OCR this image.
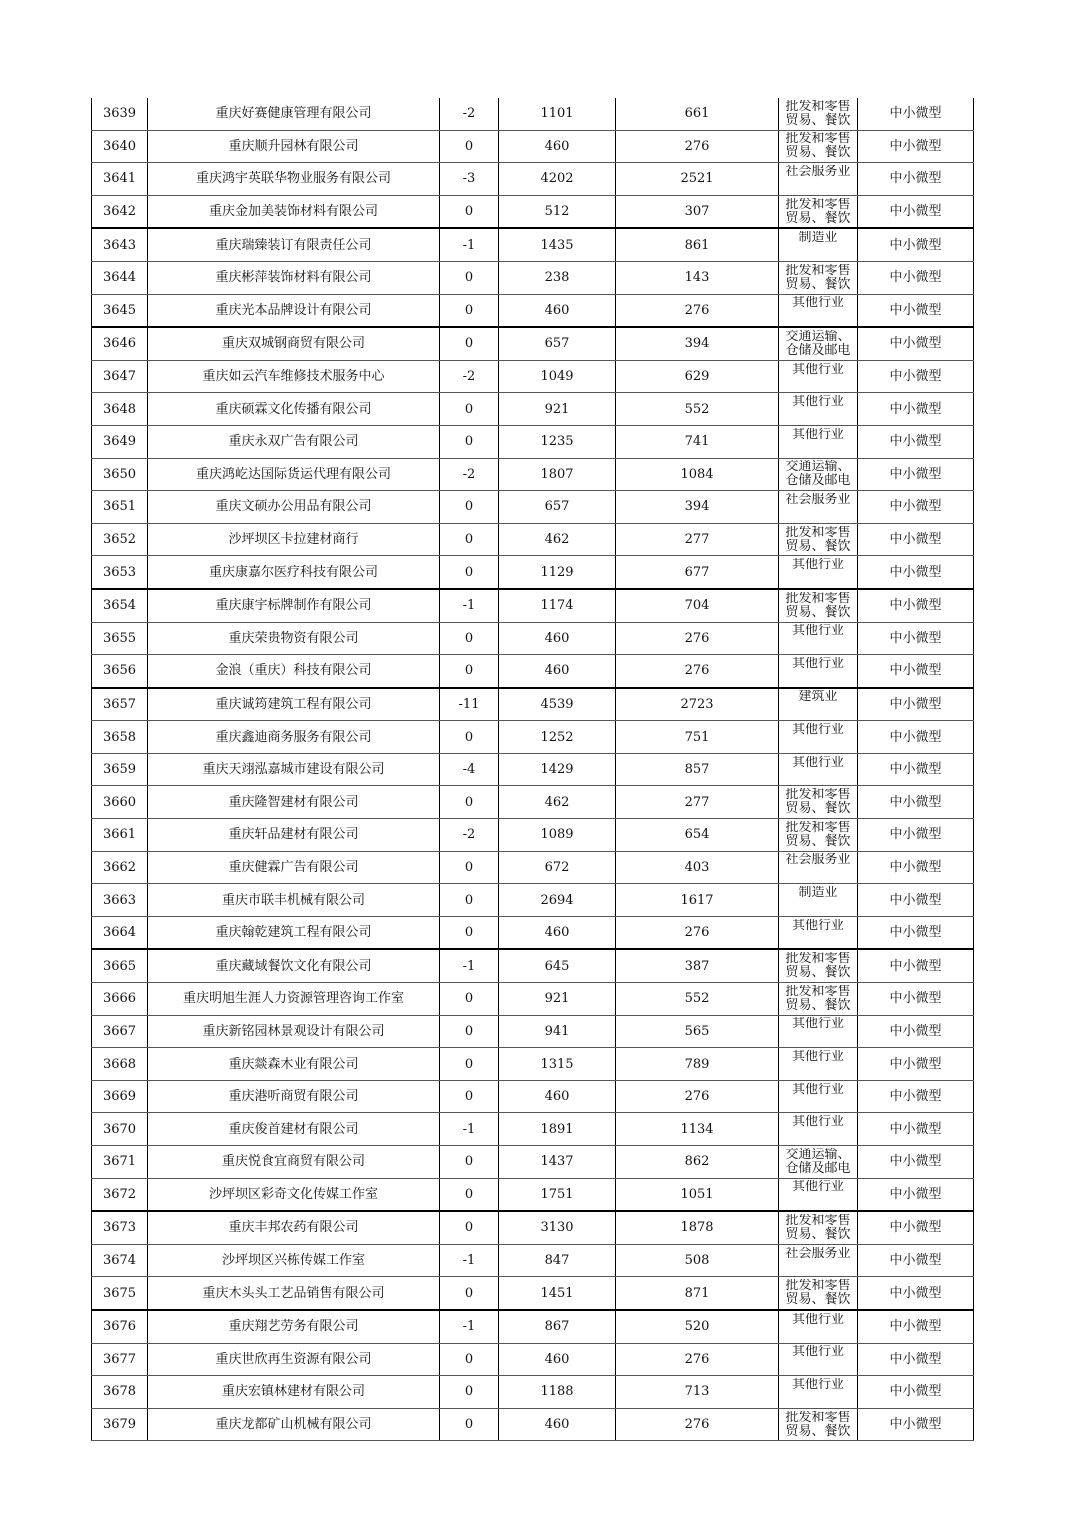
3639	重庆好赛健康管理有限公司	-2	1101	661	批发和零售贸易、餐饮	中小微型
3640	重庆顺升园林有限公司	0	460	276	批发和零售贸易、餐饮	中小微型
3641	重庆鸿宇英联华物业服务有限公司	-3	4202	2521	社会服务业	中小微型
3642	重庆金加美装饰材料有限公司	0	512	307	批发和零售贸易、餐饮	中小微型
3643	重庆瑞臻装订有限责任公司	-1	1435	861	制造业	中小微型
3644	重庆彬萍装饰材料有限公司	0	238	143	批发和零售贸易、餐饮	中小微型
3645	重庆光本品牌设计有限公司	0	460	276	其他行业	中小微型
3646	重庆双城钢商贸有限公司	0	657	394	交通运输、仓储及邮电	中小微型
3647	重庆如云汽车维修技术服务中心	-2	1049	629	其他行业	中小微型
3648	重庆硕霖文化传播有限公司	0	921	552	其他行业	中小微型
3649	重庆永双广告有限公司	0	1235	741	其他行业	中小微型
3650	重庆鸿屹达国际货运代理有限公司	-2	1807	1084	交通运输、仓储及邮电	中小微型
3651	重庆文硕办公用品有限公司	0	657	394	社会服务业	中小微型
3652	沙坪坝区卡拉建材商行	0	462	277	批发和零售贸易、餐饮	中小微型
3653	重庆康嘉尔医疗科技有限公司	0	1129	677	其他行业	中小微型
3654	重庆康宇标牌制作有限公司	-1	1174	704	批发和零售贸易、餐饮	中小微型
3655	重庆荣贵物资有限公司	0	460	276	其他行业	中小微型
3656	金浪（重庆）科技有限公司	0	460	276	其他行业	中小微型
3657	重庆诚筠建筑工程有限公司	-11	4539	2723	建筑业	中小微型
3658	重庆鑫迪商务服务有限公司	0	1252	751	其他行业	中小微型
3659	重庆天翊泓嘉城市建设有限公司	-4	1429	857	其他行业	中小微型
3660	重庆隆智建材有限公司	0	462	277	批发和零售贸易、餐饮	中小微型
3661	重庆轩品建材有限公司	-2	1089	654	批发和零售贸易、餐饮	中小微型
3662	重庆健霖广告有限公司	0	672	403	社会服务业	中小微型
3663	重庆市联丰机械有限公司	0	2694	1617	制造业	中小微型
3664	重庆翰乾建筑工程有限公司	0	460	276	其他行业	中小微型
3665	重庆藏域餐饮文化有限公司	-1	645	387	批发和零售贸易、餐饮	中小微型
3666	重庆明旭生涯人力资源管理咨询工作室	0	921	552	批发和零售贸易、餐饮	中小微型
3667	重庆新铭园林景观设计有限公司	0	941	565	其他行业	中小微型
3668	重庆燚森木业有限公司	0	1315	789	其他行业	中小微型
3669	重庆港听商贸有限公司	0	460	276	其他行业	中小微型
3670	重庆俊首建材有限公司	-1	1891	1134	其他行业	中小微型
3671	重庆悦食宜商贸有限公司	0	1437	862	交通运输、仓储及邮电	中小微型
3672	沙坪坝区彩奇文化传媒工作室	0	1751	1051	其他行业	中小微型
3673	重庆丰邦农药有限公司	0	3130	1878	批发和零售贸易、餐饮	中小微型
3674	沙坪坝区兴栋传媒工作室	-1	847	508	社会服务业	中小微型
3675	重庆木头头工艺品销售有限公司	0	1451	871	批发和零售贸易、餐饮	中小微型
3676	重庆翔艺劳务有限公司	-1	867	520	其他行业	中小微型
3677	重庆世欣再生资源有限公司	0	460	276	其他行业	中小微型
3678	重庆宏镇林建材有限公司	0	1188	713	其他行业	中小微型
3679	重庆龙都矿山机械有限公司	0	460	276	批发和零售贸易、餐饮	中小微型
